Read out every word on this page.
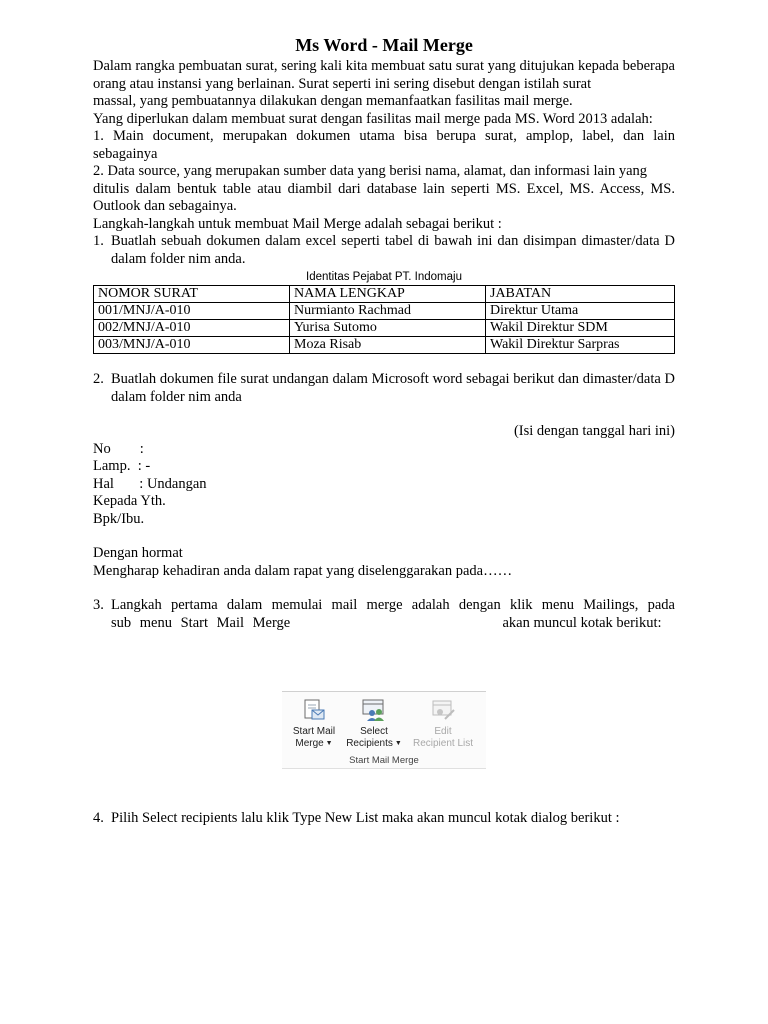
Ms Word - Mail Merge
Dalam rangka pembuatan surat, sering kali kita membuat satu surat yang ditujukan kepada beberapa orang atau instansi yang berlainan. Surat seperti ini sering disebut dengan istilah surat
massal, yang pembuatannya dilakukan dengan memanfaatkan fasilitas mail merge.
Yang diperlukan dalam membuat surat dengan fasilitas mail merge pada MS. Word 2013 adalah:
1. Main document, merupakan dokumen utama bisa berupa surat, amplop, label, dan lain sebagainya
2. Data source, yang merupakan sumber data yang berisi nama, alamat, dan informasi lain yang
ditulis dalam bentuk table atau diambil dari database lain seperti MS. Excel, MS. Access, MS. Outlook dan sebagainya.
Langkah-langkah untuk membuat Mail Merge adalah sebagai berikut :
1. Buatlah sebuah dokumen dalam excel seperti tabel di bawah ini dan disimpan dimaster/data D dalam folder nim anda.
Identitas Pejabat PT. Indomaju
NOMOR SURAT	NAMA LENGKAP	JABATAN
001/MNJ/A-010	Nurmianto Rachmad	Direktur Utama
002/MNJ/A-010	Yurisa Sutomo	Wakil Direktur SDM
003/MNJ/A-010	Moza Risab	Wakil Direktur Sarpras
2. Buatlah dokumen file surat undangan dalam Microsoft word sebagai berikut dan dimaster/data D dalam folder nim anda
(Isi dengan tanggal hari ini)
No        :
Lamp.  : -
Hal       : Undangan
Kepada Yth.
Bpk/Ibu.
Dengan hormat
Mengharap kehadiran anda dalam rapat yang diselenggarakan pada……
3. Langkah pertama dalam memulai mail merge adalah dengan klik menu Mailings, pada sub menu Start Mail Merge	akan muncul kotak berikut:
Start Mail
Merge ▼
Select
Recipients ▼
Edit
Recipient List
Start Mail Merge
4. Pilih Select recipients lalu klik Type New List maka akan muncul kotak dialog berikut :
